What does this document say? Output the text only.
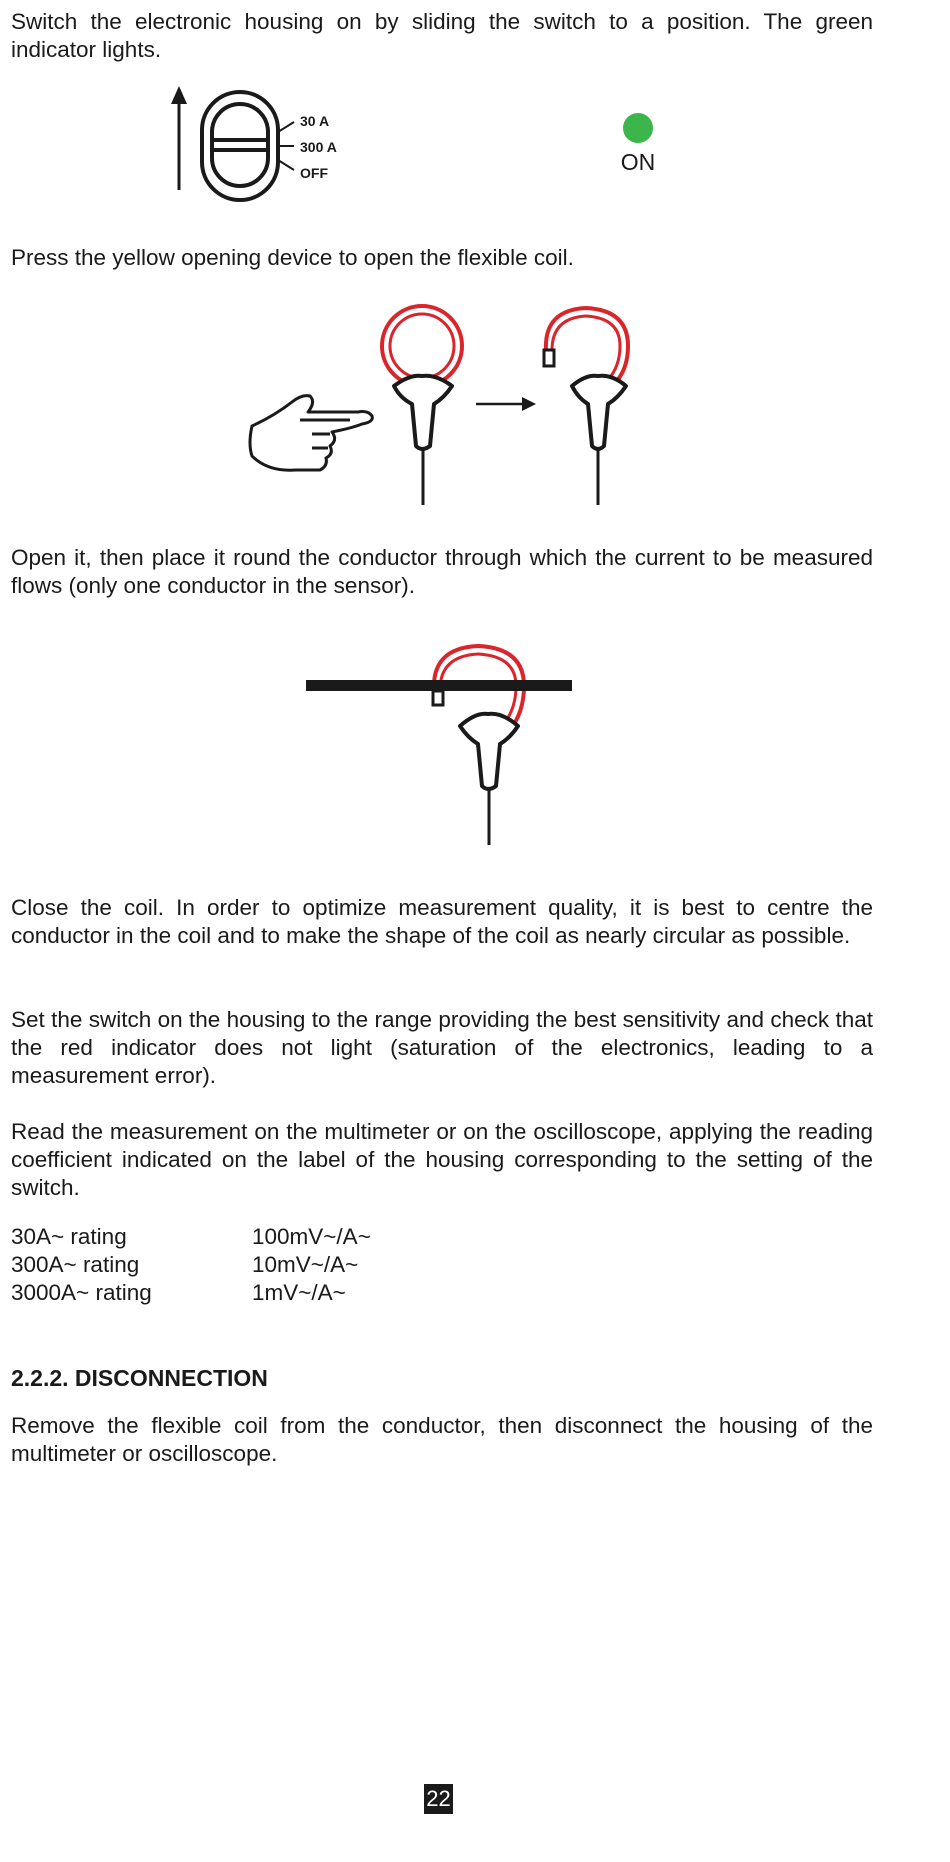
Switch the electronic housing on by sliding the switch to a position. The green indicator lights.

30 A
300 A
OFF	ON

Press the yellow opening device to open the flexible coil.

Open it, then place it round the conductor through which the current to be measured flows (only one conductor in the sensor).

Close the coil. In order to optimize measurement quality, it is best to centre the conductor in the coil and to make the shape of the coil as nearly circular as possible.

Set the switch on the housing to the range providing the best sensitivity and check that the red indicator does not light (saturation of the electronics, leading to a measurement error).

Read the measurement on the multimeter or on the oscilloscope, applying the reading coefficient indicated on the label of the housing corresponding to the setting of the switch.

30A~ rating	100mV~/A~
300A~ rating	10mV~/A~
3000A~ rating	1mV~/A~
2.2.2. DISCONNECTION

Remove the flexible coil from the conductor, then disconnect the housing of the multimeter or oscilloscope.

22
